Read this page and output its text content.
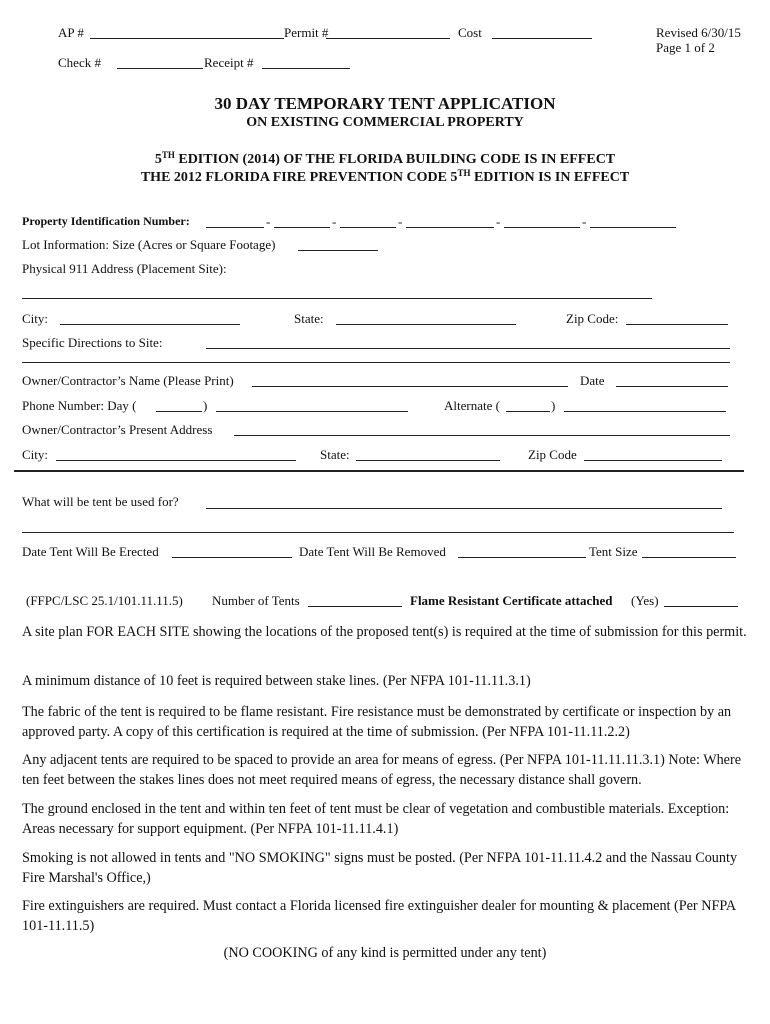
AP #	Permit #	Cost	Revised 6/30/15
Page 1 of 2
Check #	Receipt #
30 DAY TEMPORARY TENT APPLICATION
ON EXISTING COMMERCIAL PROPERTY
5TH EDITION (2014) OF THE FLORIDA BUILDING CODE IS IN EFFECT
THE 2012 FLORIDA FIRE PREVENTION CODE 5TH EDITION IS IN EFFECT
Property Identification Number:	-	-	-	-	-
Lot Information: Size (Acres or Square Footage)
Physical 911 Address (Placement Site):
City:	State:	Zip Code:
Specific Directions to Site:
Owner/Contractor’s Name (Please Print)	Date
Phone Number: Day (	)	Alternate (	)
Owner/Contractor’s Present Address
City:	State:	Zip Code
What will be tent be used for?
Date Tent Will Be Erected	Date Tent Will Be Removed	Tent Size
(FFPC/LSC 25.1/101.11.11.5) Number of Tents	Flame Resistant Certificate attached (Yes)
A site plan FOR EACH SITE showing the locations of the proposed tent(s) is required at the time of submission for this permit.
A minimum distance of 10 feet is required between stake lines. (Per NFPA 101-11.11.3.1)
The fabric of the tent is required to be flame resistant. Fire resistance must be demonstrated by certificate or inspection by an approved party. A copy of this certification is required at the time of submission. (Per NFPA 101-11.11.2.2)
Any adjacent tents are required to be spaced to provide an area for means of egress. (Per NFPA 101-11.11.11.3.1) Note: Where ten feet between the stakes lines does not meet required means of egress, the necessary distance shall govern.
The ground enclosed in the tent and within ten feet of tent must be clear of vegetation and combustible materials. Exception: Areas necessary for support equipment. (Per NFPA 101-11.11.4.1)
Smoking is not allowed in tents and "NO SMOKING" signs must be posted. (Per NFPA 101-11.11.4.2 and the Nassau County Fire Marshal's Office,)
Fire extinguishers are required. Must contact a Florida licensed fire extinguisher dealer for mounting & placement (Per NFPA 101-11.11.5)
(NO COOKING of any kind is permitted under any tent)
